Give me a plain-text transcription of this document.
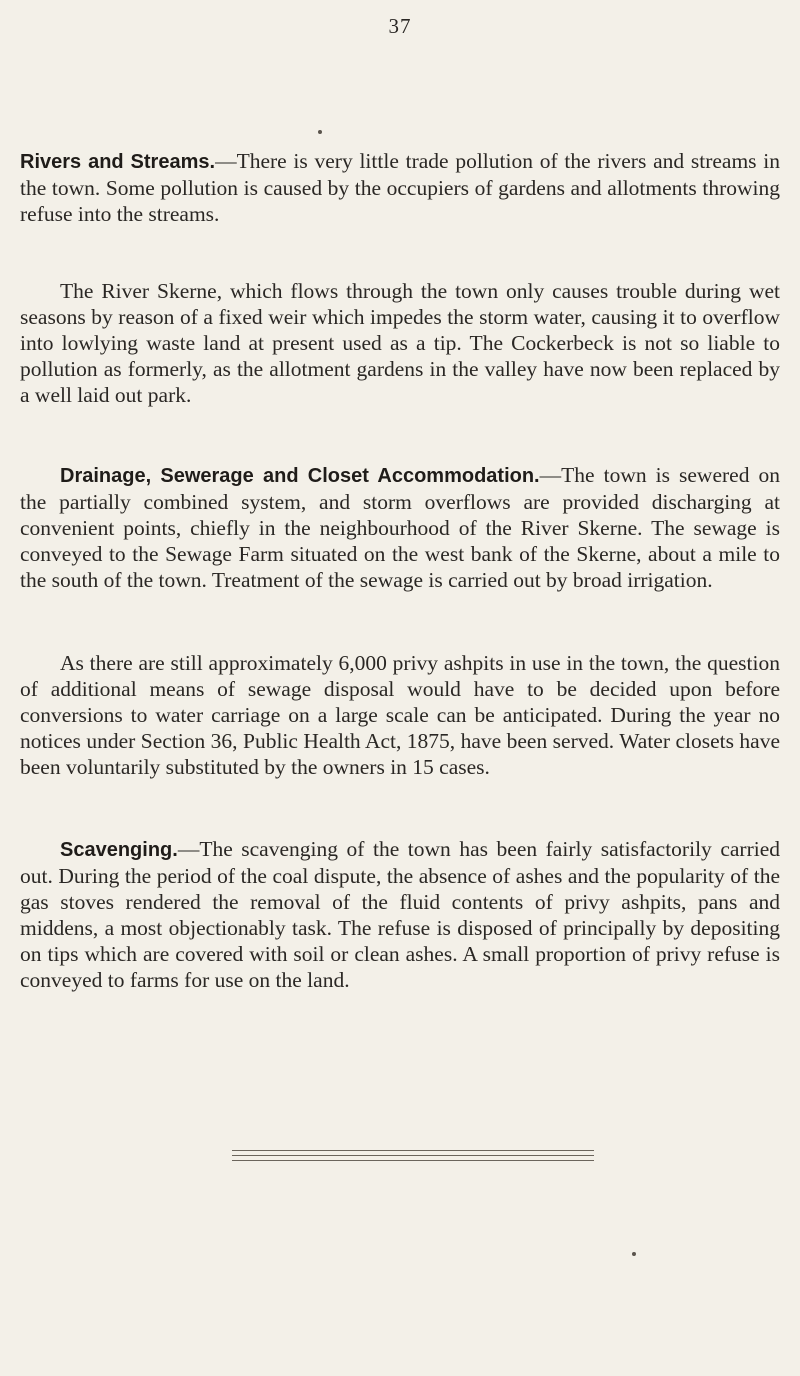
37

Rivers and Streams.—There is very little trade pollution of the rivers and streams in the town. Some pollution is caused by the occupiers of gardens and allotments throwing refuse into the streams.

The River Skerne, which flows through the town only causes trouble during wet seasons by reason of a fixed weir which impedes the storm water, causing it to overflow into lowlying waste land at present used as a tip. The Cockerbeck is not so liable to pollution as formerly, as the allotment gardens in the valley have now been replaced by a well laid out park.

Drainage, Sewerage and Closet Accommodation.—The town is sewered on the partially combined system, and storm overflows are provided discharging at convenient points, chiefly in the neighbourhood of the River Skerne. The sewage is conveyed to the Sewage Farm situated on the west bank of the Skerne, about a mile to the south of the town. Treatment of the sewage is carried out by broad irrigation.

As there are still approximately 6,000 privy ashpits in use in the town, the question of additional means of sewage disposal would have to be decided upon before conversions to water carriage on a large scale can be anticipated. During the year no notices under Section 36, Public Health Act, 1875, have been served. Water closets have been voluntarily substituted by the owners in 15 cases.

Scavenging.—The scavenging of the town has been fairly satisfactorily carried out. During the period of the coal dispute, the absence of ashes and the popularity of the gas stoves rendered the removal of the fluid contents of privy ashpits, pans and middens, a most objectionably task. The refuse is disposed of principally by depositing on tips which are covered with soil or clean ashes. A small proportion of privy refuse is conveyed to farms for use on the land.
